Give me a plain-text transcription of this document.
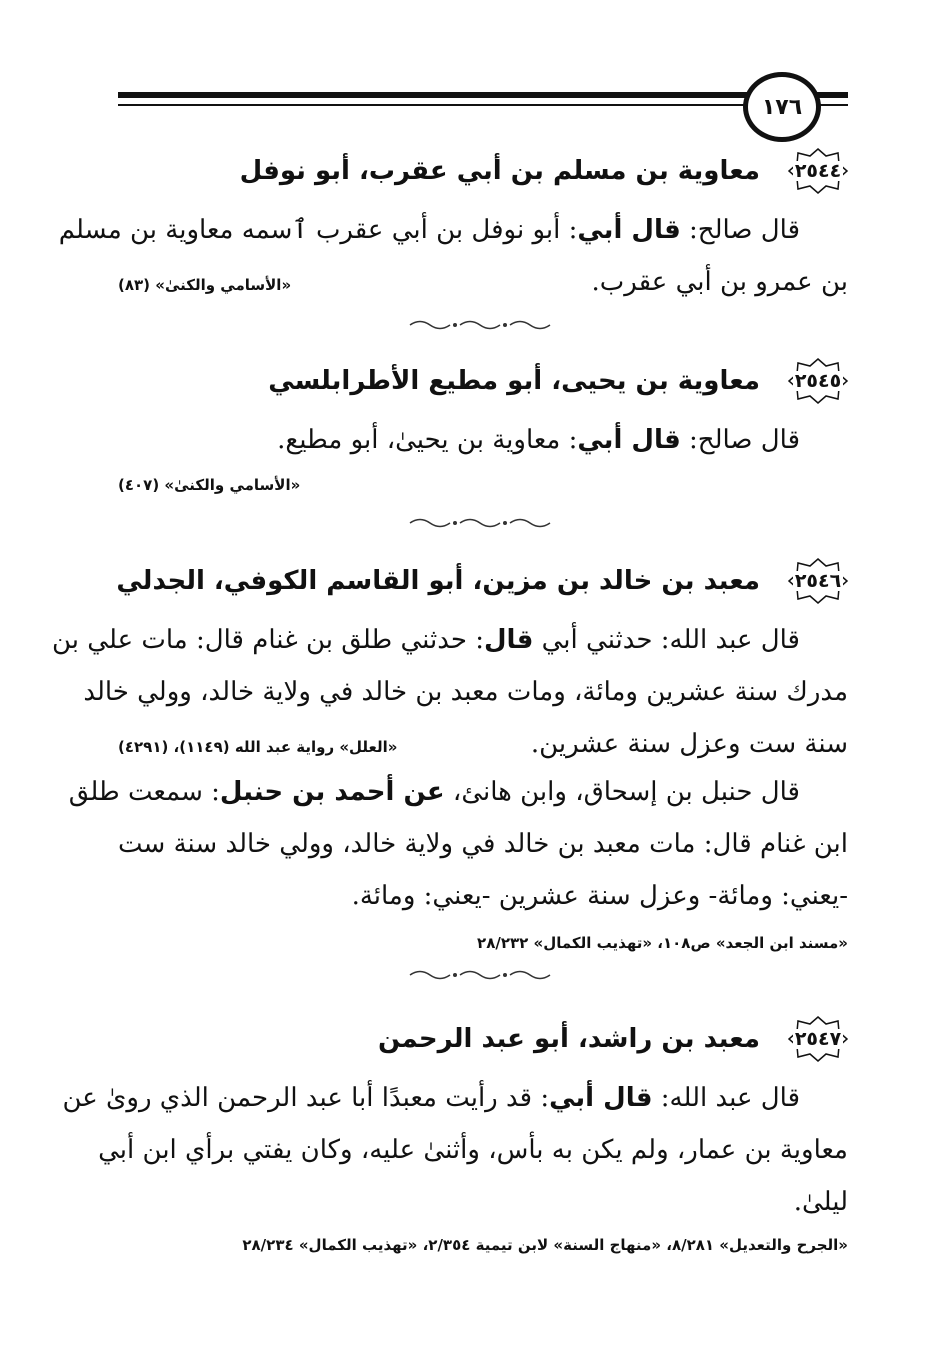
١٧٦
٢٥٤٤
معاوية بن مسلم بن أبي عقرب، أبو نوفل
قال صالح: قال أبي: أبو نوفل بن أبي عقرب ٱسمه معاوية بن مسلم
بن عمرو بن أبي عقرب.
«الأسامي والكنىٰ» (٨٣)
٢٥٤٥
معاوية بن يحيى، أبو مطيع الأطرابلسي
قال صالح: قال أبي: معاوية بن يحيىٰ، أبو مطيع.
«الأسامي والكنىٰ» (٤٠٧)
٢٥٤٦
معبد بن خالد بن مزين، أبو القاسم الكوفي، الجدلي
قال عبد الله: حدثني أبي قال: حدثني طلق بن غنام قال: مات علي بن
مدرك سنة عشرين ومائة، ومات معبد بن خالد في ولاية خالد، وولي خالد
سنة ست وعزل سنة عشرين.
«العلل» رواية عبد الله (١١٤٩)، (٤٢٩١)
قال حنبل بن إسحاق، وابن هانئ، عن أحمد بن حنبل: سمعت طلق
ابن غنام قال: مات معبد بن خالد في ولاية خالد، وولي خالد سنة ست
-يعني: ومائة- وعزل سنة عشرين -يعني: ومائة.
«مسند ابن الجعد» ص١٠٨، «تهذيب الكمال» ٢٨/٢٣٢
٢٥٤٧
معبد بن راشد، أبو عبد الرحمن
قال عبد الله: قال أبي: قد رأيت معبدًا أبا عبد الرحمن الذي روىٰ عن
معاوية بن عمار، ولم يكن به بأس، وأثنىٰ عليه، وكان يفتي برأي ابن أبي
ليلىٰ.
«الجرح والتعديل» ٨/٢٨١، «منهاج السنة» لابن تيمية ٢/٣٥٤، «تهذيب الكمال» ٢٨/٢٣٤
